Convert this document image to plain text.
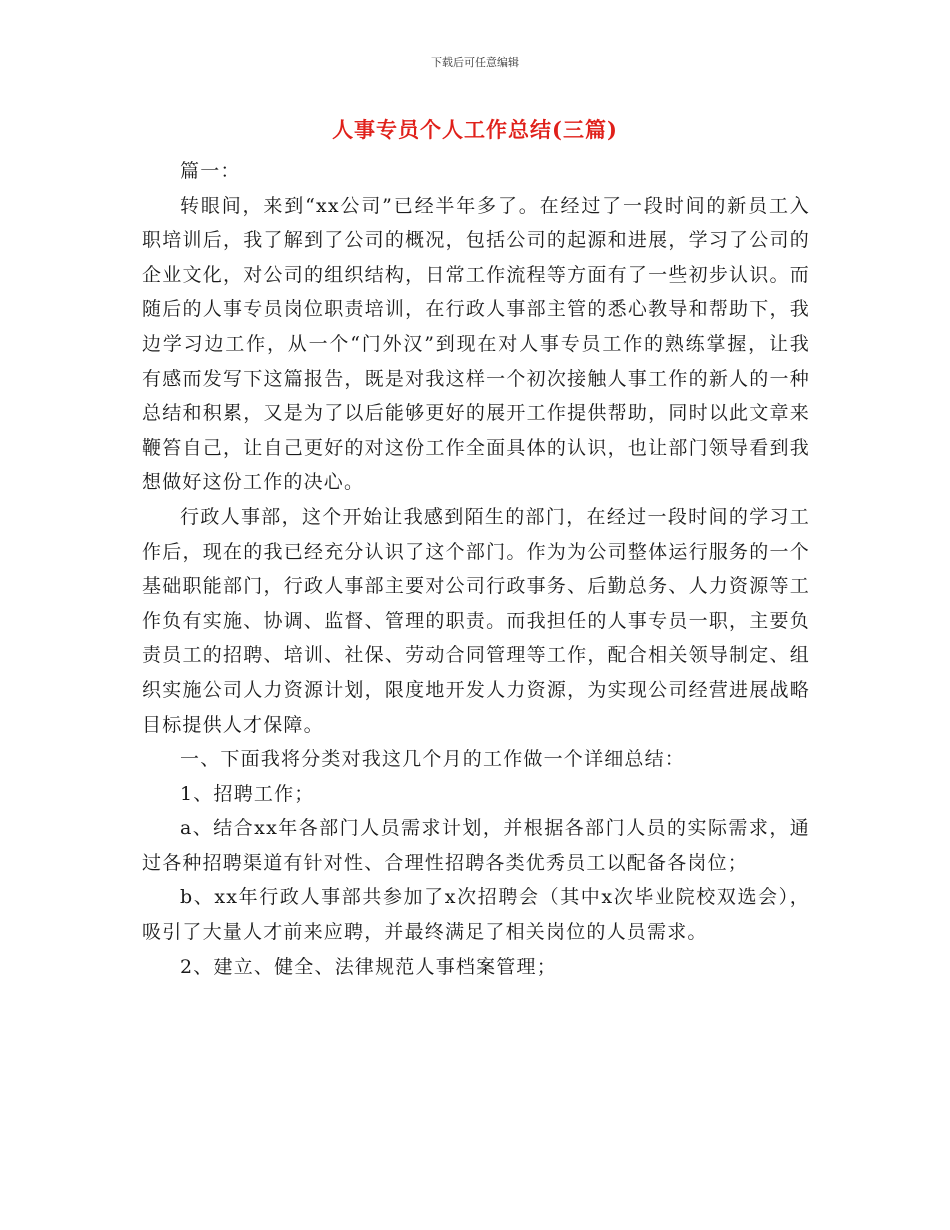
下载后可任意编辑
人事专员个人工作总结(三篇)

篇一：

转眼间，来到“xx公司”已经半年多了。在经过了一段时间的新员工入职培训后，我了解到了公司的概况，包括公司的起源和进展，学习了公司的企业文化，对公司的组织结构，日常工作流程等方面有了一些初步认识。而随后的人事专员岗位职责培训，在行政人事部主管的悉心教导和帮助下，我边学习边工作，从一个“门外汉”到现在对人事专员工作的熟练掌握，让我有感而发写下这篇报告，既是对我这样一个初次接触人事工作的新人的一种总结和积累，又是为了以后能够更好的展开工作提供帮助，同时以此文章来鞭笞自己，让自己更好的对这份工作全面具体的认识，也让部门领导看到我想做好这份工作的决心。

行政人事部，这个开始让我感到陌生的部门，在经过一段时间的学习工作后，现在的我已经充分认识了这个部门。作为为公司整体运行服务的一个基础职能部门，行政人事部主要对公司行政事务、后勤总务、人力资源等工作负有实施、协调、监督、管理的职责。而我担任的人事专员一职，主要负责员工的招聘、培训、社保、劳动合同管理等工作，配合相关领导制定、组织实施公司人力资源计划，限度地开发人力资源，为实现公司经营进展战略目标提供人才保障。

一、下面我将分类对我这几个月的工作做一个详细总结：

1、招聘工作；

a、结合xx年各部门人员需求计划，并根据各部门人员的实际需求，通过各种招聘渠道有针对性、合理性招聘各类优秀员工以配备各岗位；

b、xx年行政人事部共参加了x次招聘会（其中x次毕业院校双选会），吸引了大量人才前来应聘，并最终满足了相关岗位的人员需求。

2、建立、健全、法律规范人事档案管理；
